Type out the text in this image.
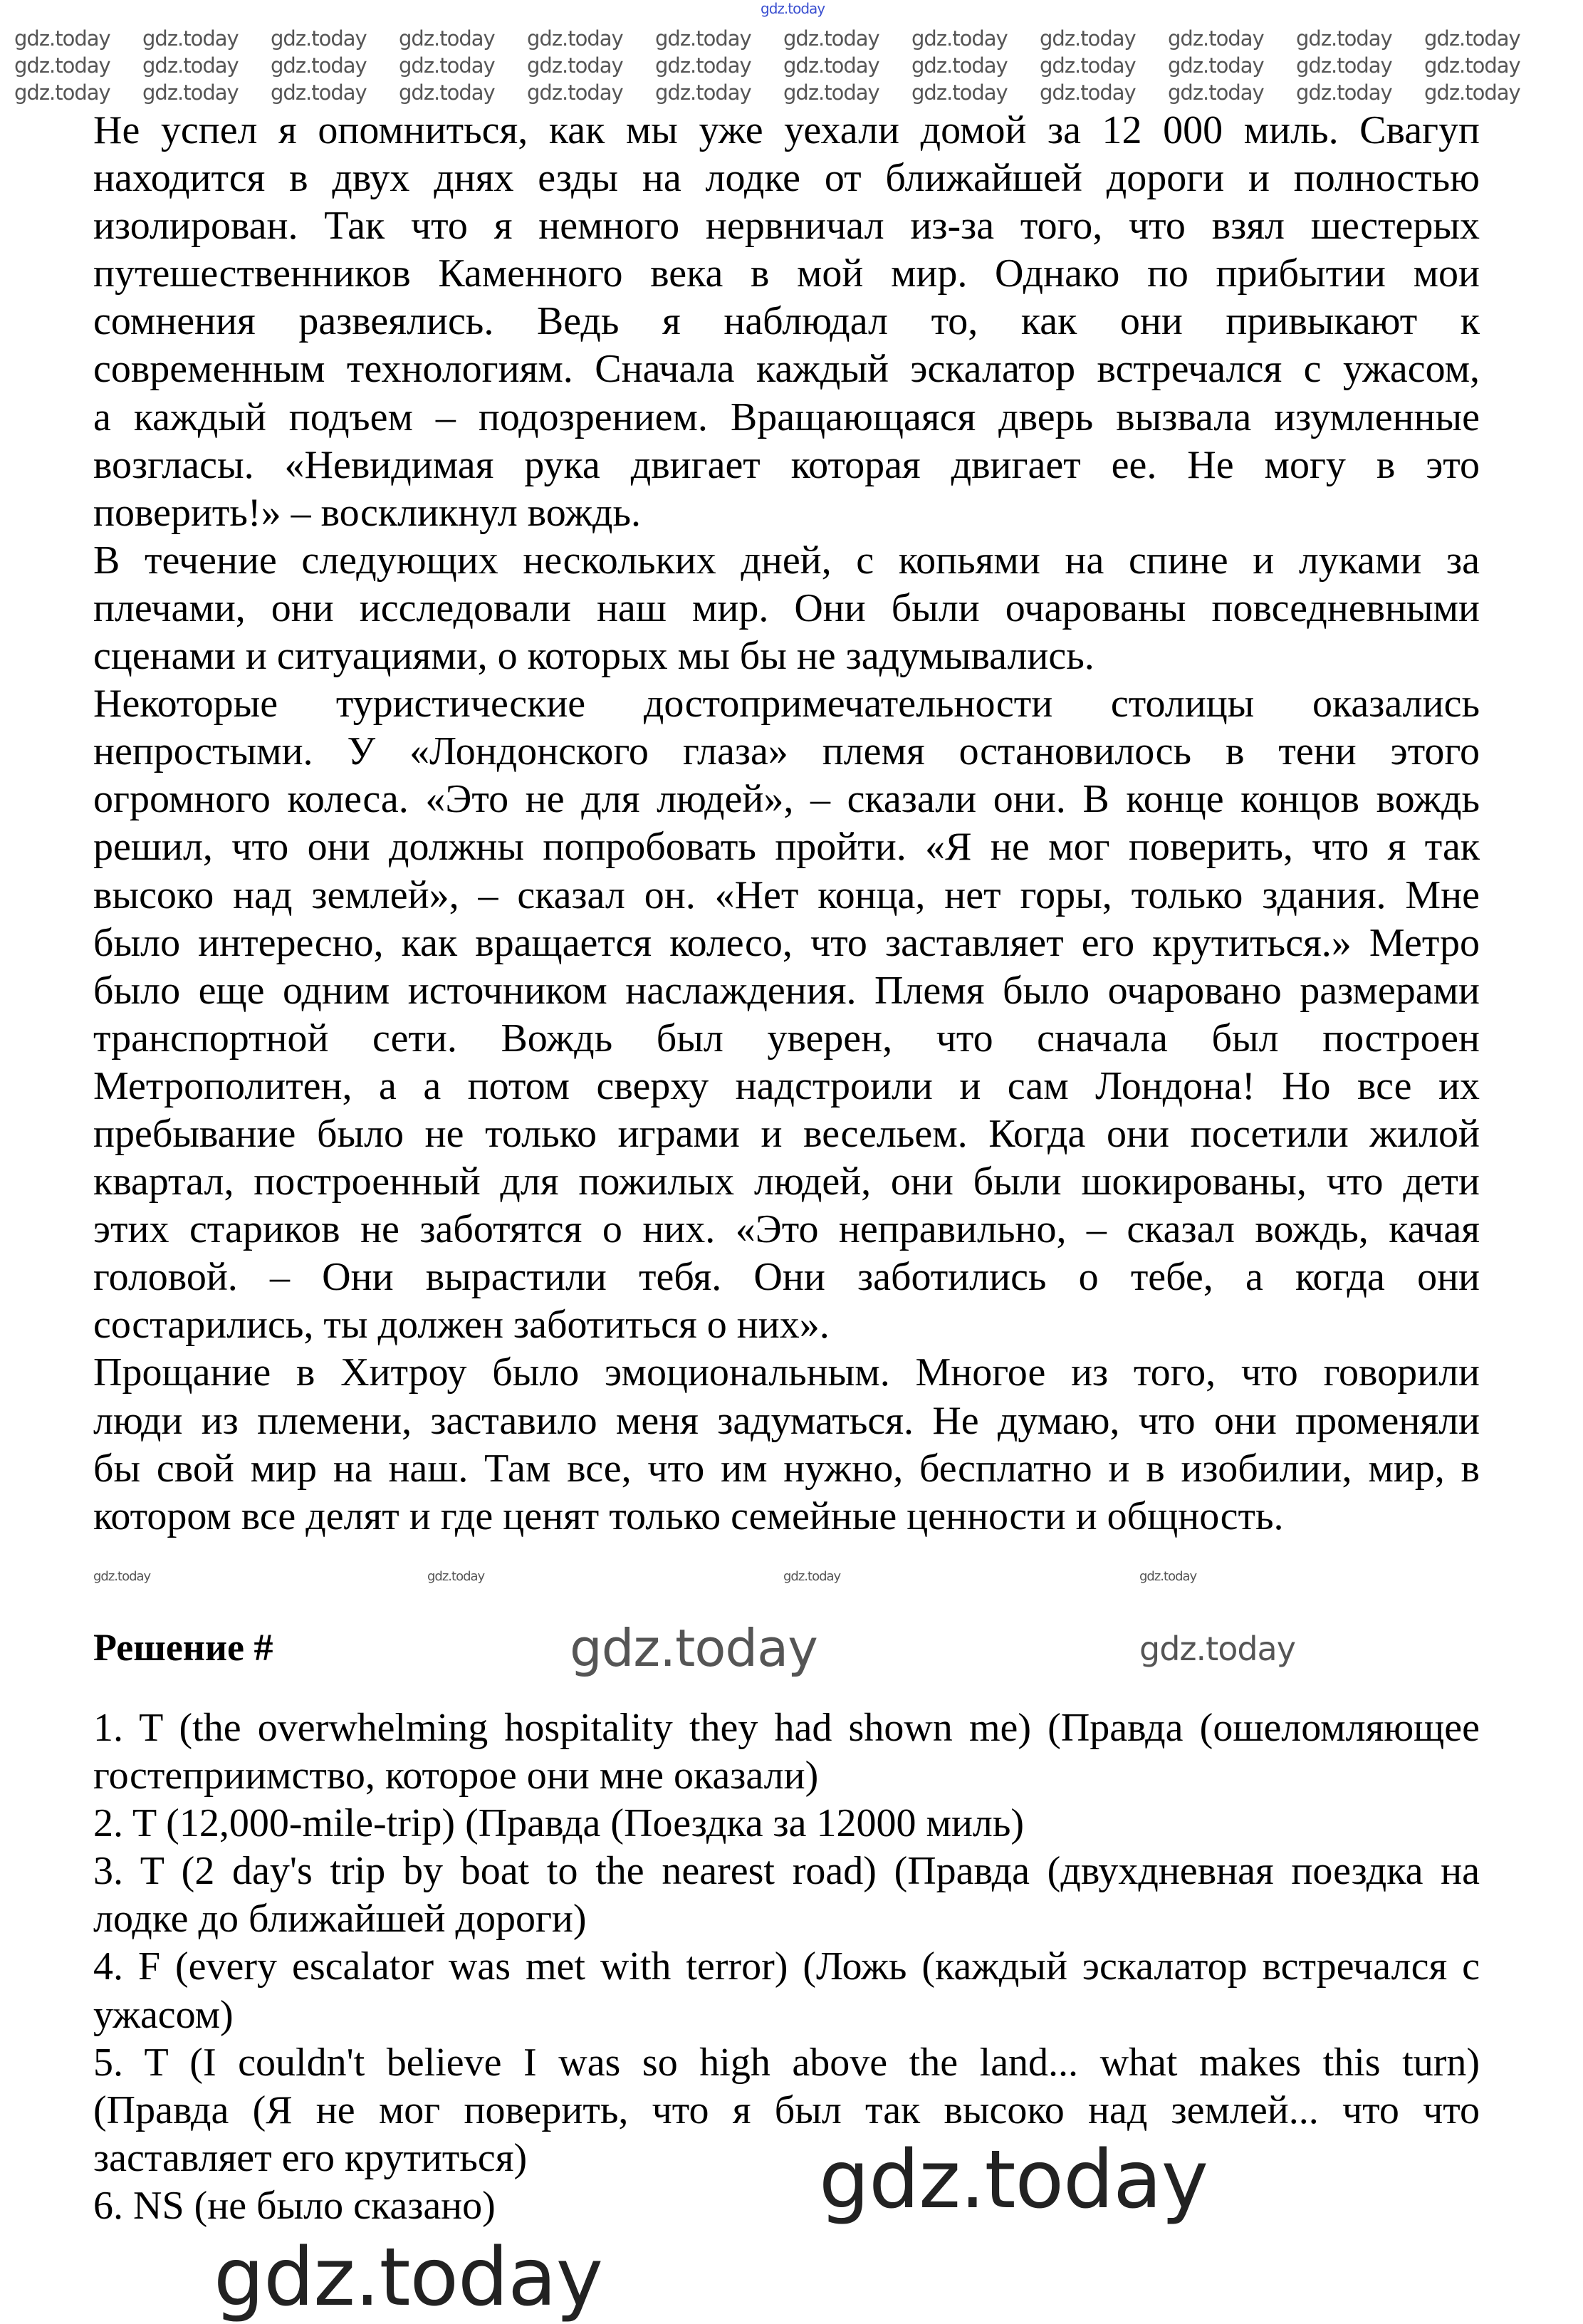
Не успел я опомниться, как мы уже уехали домой за 12 000 миль. Свагуп
находится в двух днях езды на лодке от ближайшей дороги и полностью
изолирован. Так что я немного нервничал из-за того, что взял шестерых
путешественников Каменного века в мой мир. Однако по прибытии мои
сомнения развеялись. Ведь я наблюдал то, как они привыкают к
современным технологиям. Сначала каждый эскалатор встречался с ужасом,
а каждый подъем – подозрением. Вращающаяся дверь вызвала изумленные
возгласы. «Невидимая рука двигает которая двигает ее. Не могу в это
поверить!» – воскликнул вождь.
В течение следующих нескольких дней, с копьями на спине и луками за
плечами, они исследовали наш мир. Они были очарованы повседневными
сценами и ситуациями, о которых мы бы не задумывались.
Некоторые туристические достопримечательности столицы оказались
непростыми. У «Лондонского глаза» племя остановилось в тени этого
огромного колеса. «Это не для людей», – сказали они. В конце концов вождь
решил, что они должны попробовать пройти. «Я не мог поверить, что я так
высоко над землей», – сказал он. «Нет конца, нет горы, только здания. Мне
было интересно, как вращается колесо, что заставляет его крутиться.» Метро
было еще одним источником наслаждения. Племя было очаровано размерами
транспортной сети. Вождь был уверен, что сначала был построен
Метрополитен, а а потом сверху надстроили и сам Лондона! Но все их
пребывание было не только играми и весельем. Когда они посетили жилой
квартал, построенный для пожилых людей, они были шокированы, что дети
этих стариков не заботятся о них. «Это неправильно, – сказал вождь, качая
головой. – Они вырастили тебя. Они заботились о тебе, а когда они
состарились, ты должен заботиться о них».
Прощание в Хитроу было эмоциональным. Многое из того, что говорили
люди из племени, заставило меня задуматься. Не думаю, что они променяли
бы свой мир на наш. Там все, что им нужно, бесплатно и в изобилии, мир, в
котором все делят и где ценят только семейные ценности и общность.
Решение #
1. T (the overwhelming hospitality they had shown me) (Правда (ошеломляющее
гостеприимство, которое они мне оказали)
2. T (12,000-mile-trip) (Правда (Поездка за 12000 миль)
3. T (2 day's trip by boat to the nearest road) (Правда (двухдневная поездка на
лодке до ближайшей дороги)
4. F (every escalator was met with terror) (Ложь (каждый эскалатор встречался с
ужасом)
5. T (I couldn't believe I was so high above the land... what makes this turn)
(Правда (Я не мог поверить, что я был так высоко над землей... что что
заставляет его крутиться)
6. NS (не было сказано)
gdz.today
gdz.today gdz.today gdz.today gdz.today gdz.today gdz.today gdz.today gdz.today gdz.today gdz.today gdz.today gdz.today
gdz.today gdz.today gdz.today gdz.today gdz.today gdz.today gdz.today gdz.today gdz.today gdz.today gdz.today gdz.today
gdz.today gdz.today gdz.today gdz.today gdz.today gdz.today gdz.today gdz.today gdz.today gdz.today gdz.today gdz.today
gdz.today	gdz.today	gdz.today	gdz.today
gdz.today	gdz.today
gdz.today
gdz.today
